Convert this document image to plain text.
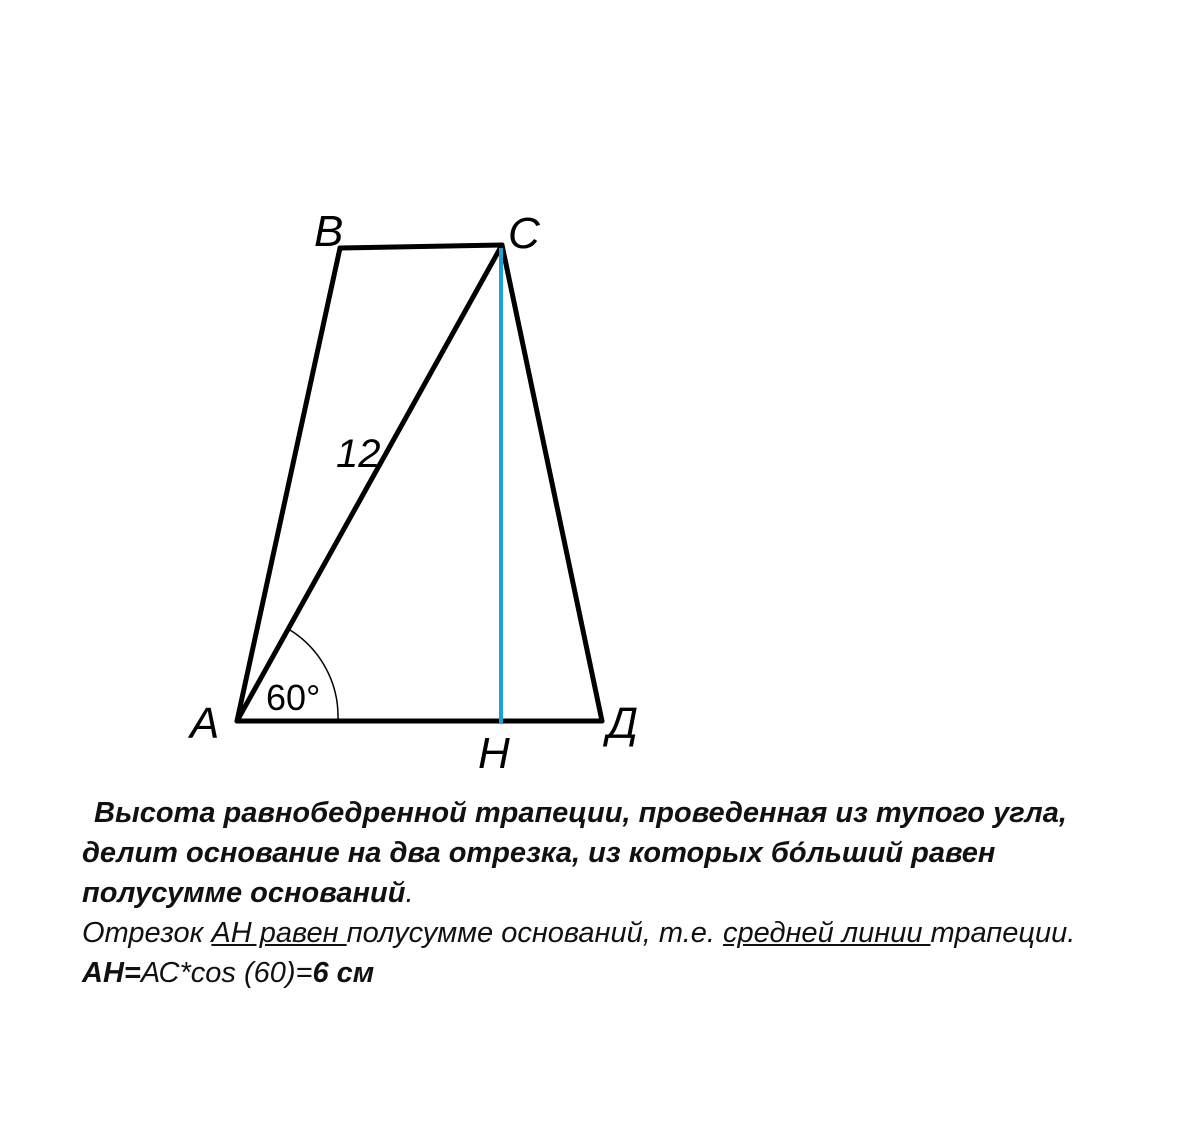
В	С
А	Д
Н
12
60°
Высота равнобедренной трапеции, проведенная из тупого угла,
делит основание на два отрезка, из которых бо́льший равен
полусумме оснований.
Отрезок АН равен полусумме оснований, т.е. средней линии трапеции.
АН=АС*cos (60)=6 см
